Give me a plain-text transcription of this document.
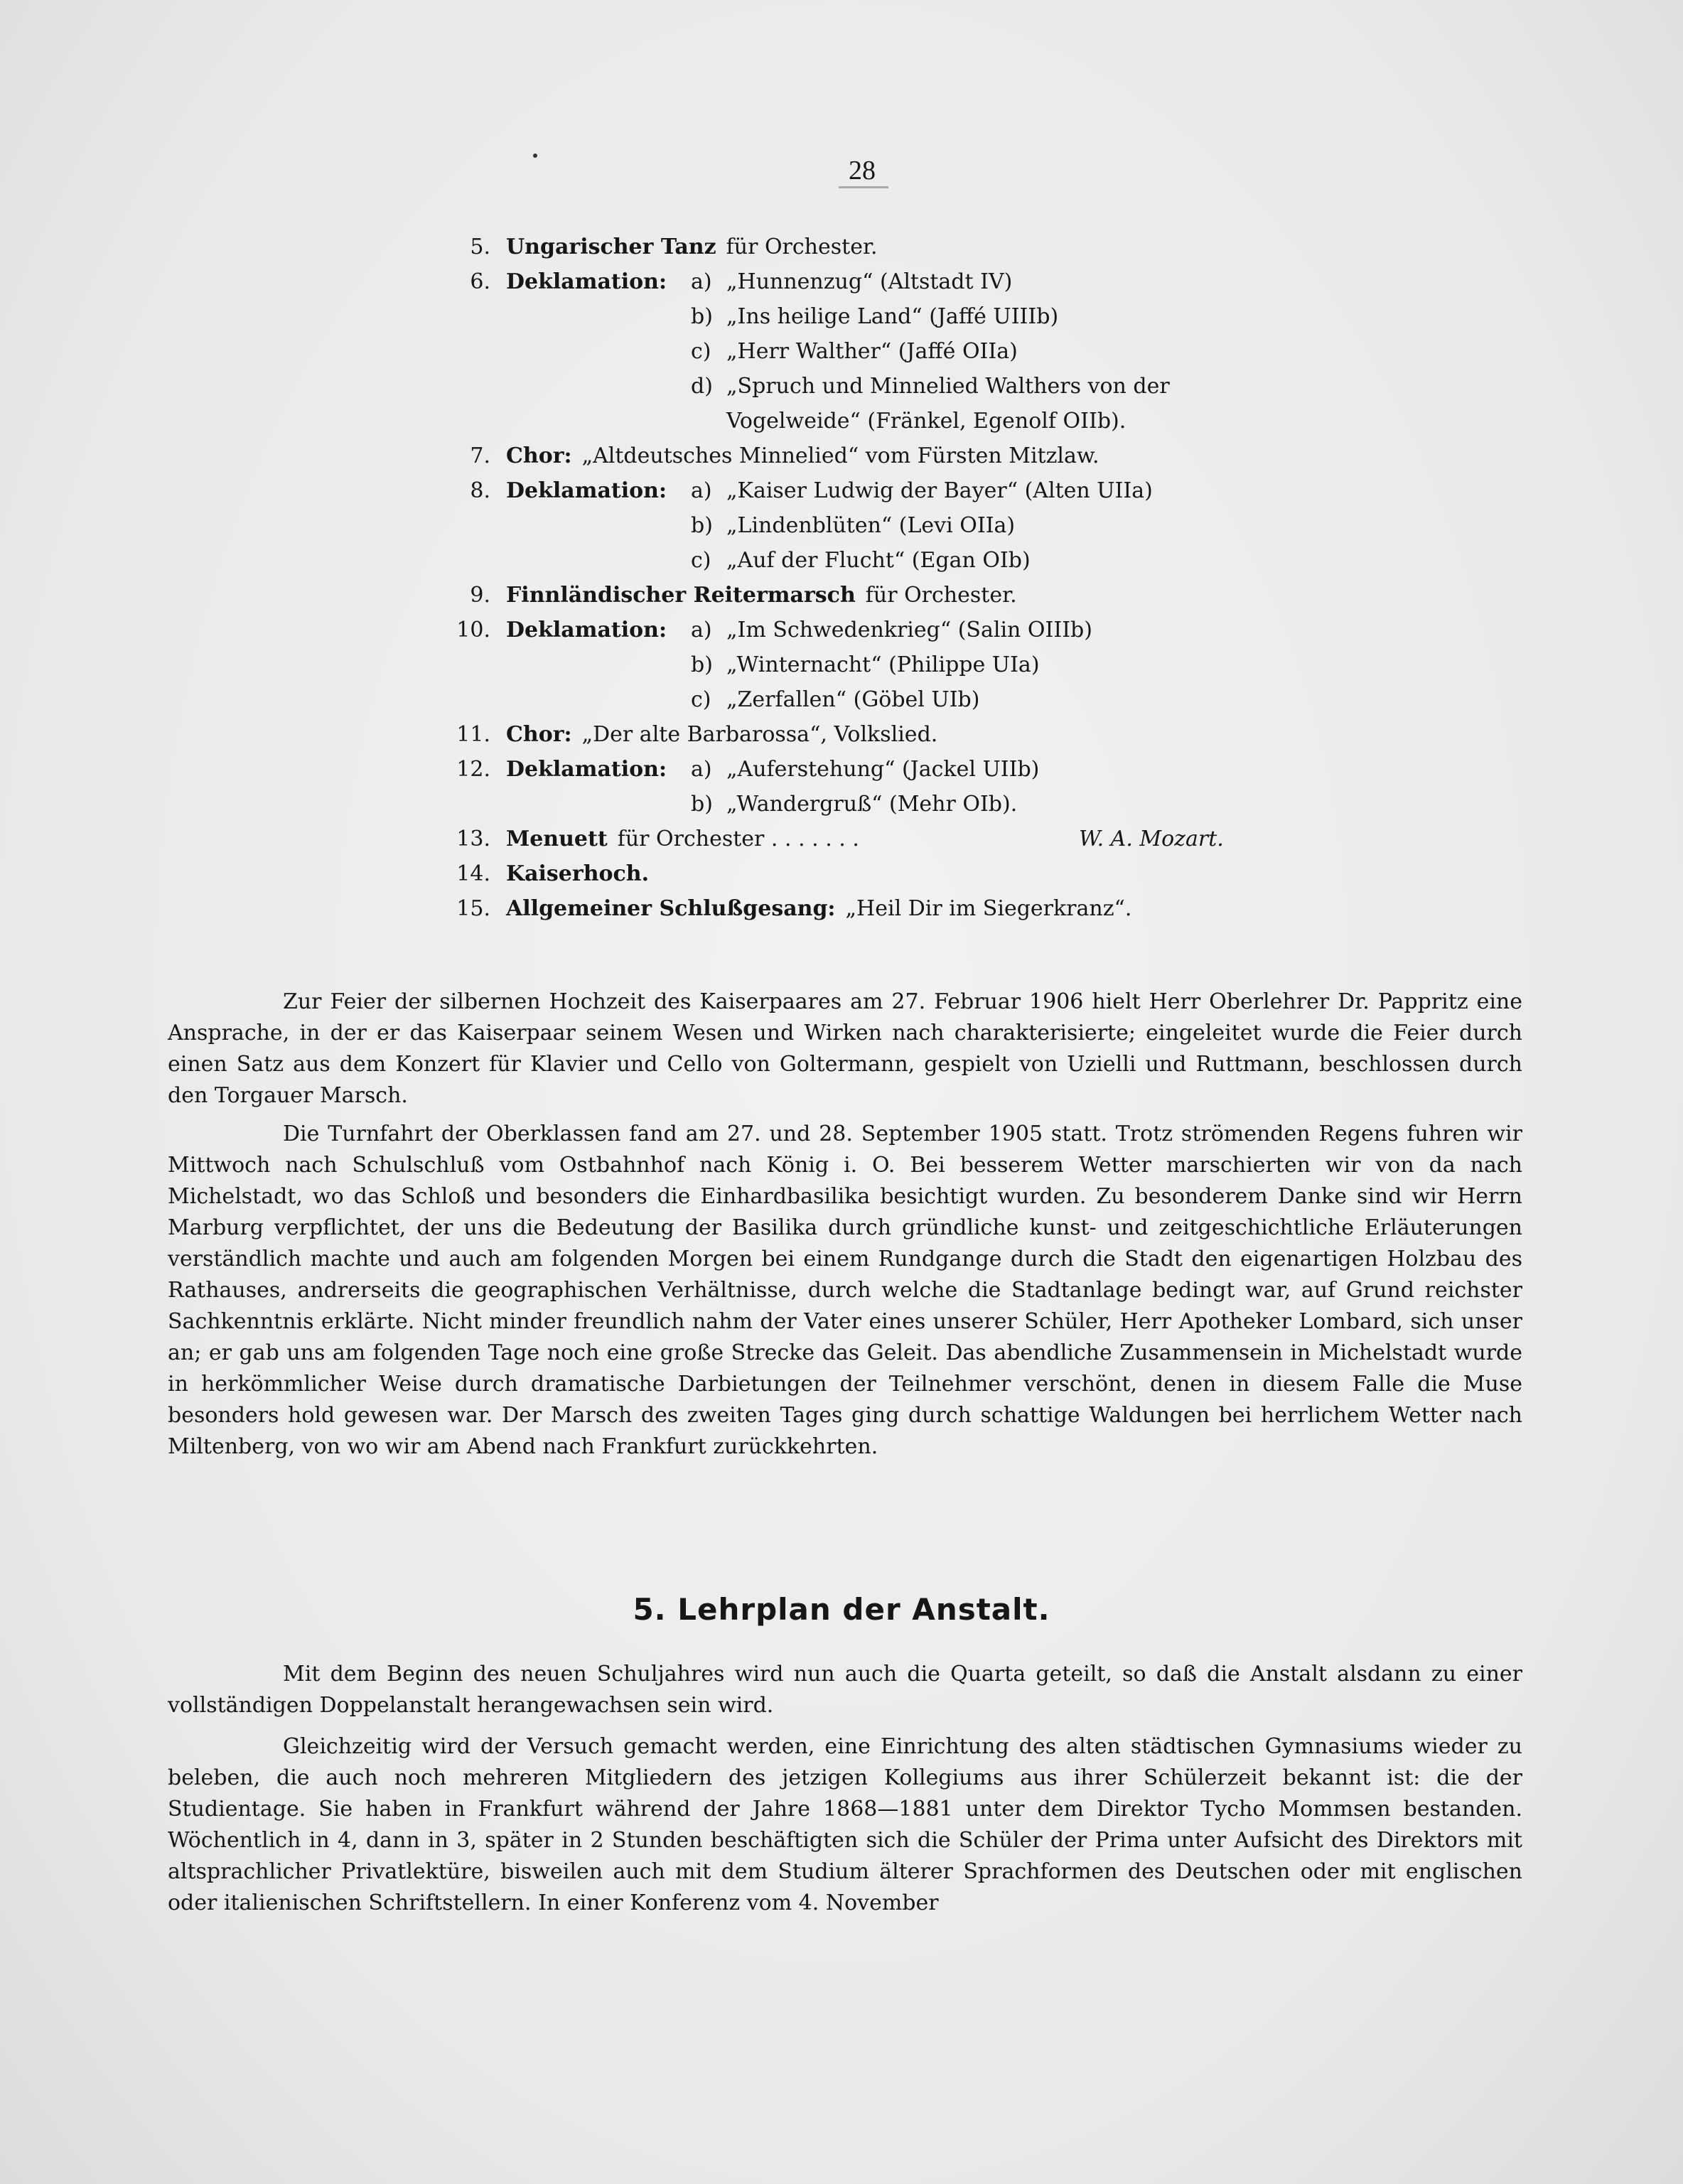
28
5. Ungarischer Tanz für Orchester.
6. Deklamation: a) „Hunnenzug“ (Altstadt IV)
b) „Ins heilige Land“ (Jaffé UIIIb)
c) „Herr Walther“ (Jaffé OIIa)
d) „Spruch und Minnelied Walthers von der
Vogelweide“ (Fränkel, Egenolf OIIb).
7. Chor: „Altdeutsches Minnelied“ vom Fürsten Mitzlaw.
8. Deklamation: a) „Kaiser Ludwig der Bayer“ (Alten UIIa)
b) „Lindenblüten“ (Levi OIIa)
c) „Auf der Flucht“ (Egan OIb)
9. Finnländischer Reitermarsch für Orchester.
10. Deklamation: a) „Im Schwedenkrieg“ (Salin OIIIb)
b) „Winternacht“ (Philippe UIa)
c) „Zerfallen“ (Göbel UIb)
11. Chor: „Der alte Barbarossa“, Volkslied.
12. Deklamation: a) „Auferstehung“ (Jackel UIIb)
b) „Wandergruß“ (Mehr OIb).
13. Menuett für Orchester . . . . . . .	W. A. Mozart.
14. Kaiserhoch.
15. Allgemeiner Schlußgesang: „Heil Dir im Siegerkranz“.

Zur Feier der silbernen Hochzeit des Kaiserpaares am 27. Februar 1906 hielt Herr Oberlehrer Dr. Pappritz eine Ansprache, in der er das Kaiserpaar seinem Wesen und Wirken nach charakterisierte; eingeleitet wurde die Feier durch einen Satz aus dem Konzert für Klavier und Cello von Goltermann, gespielt von Uzielli und Ruttmann, beschlossen durch den Torgauer Marsch.

Die Turnfahrt der Oberklassen fand am 27. und 28. September 1905 statt. Trotz strömenden Regens fuhren wir Mittwoch nach Schulschluß vom Ostbahnhof nach König i. O. Bei besserem Wetter marschierten wir von da nach Michelstadt, wo das Schloß und besonders die Einhardbasilika besichtigt wurden. Zu besonderem Danke sind wir Herrn Marburg verpflichtet, der uns die Bedeutung der Basilika durch gründliche kunst- und zeitgeschichtliche Erläuterungen verständlich machte und auch am folgenden Morgen bei einem Rundgange durch die Stadt den eigenartigen Holzbau des Rathauses, andrerseits die geographischen Verhältnisse, durch welche die Stadtanlage bedingt war, auf Grund reichster Sachkenntnis erklärte. Nicht minder freundlich nahm der Vater eines unserer Schüler, Herr Apotheker Lombard, sich unser an; er gab uns am folgenden Tage noch eine große Strecke das Geleit. Das abendliche Zusammensein in Michelstadt wurde in herkömmlicher Weise durch dramatische Darbietungen der Teilnehmer verschönt, denen in diesem Falle die Muse besonders hold gewesen war. Der Marsch des zweiten Tages ging durch schattige Waldungen bei herrlichem Wetter nach Miltenberg, von wo wir am Abend nach Frankfurt zurückkehrten.

5. Lehrplan der Anstalt.

Mit dem Beginn des neuen Schuljahres wird nun auch die Quarta geteilt, so daß die Anstalt alsdann zu einer vollständigen Doppelanstalt herangewachsen sein wird.

Gleichzeitig wird der Versuch gemacht werden, eine Einrichtung des alten städtischen Gymnasiums wieder zu beleben, die auch noch mehreren Mitgliedern des jetzigen Kollegiums aus ihrer Schülerzeit bekannt ist: die der Studientage. Sie haben in Frankfurt während der Jahre 1868—1881 unter dem Direktor Tycho Mommsen bestanden. Wöchentlich in 4, dann in 3, später in 2 Stunden beschäftigten sich die Schüler der Prima unter Aufsicht des Direktors mit altsprachlicher Privatlektüre, bisweilen auch mit dem Studium älterer Sprachformen des Deutschen oder mit englischen oder italienischen Schriftstellern. In einer Konferenz vom 4. November
